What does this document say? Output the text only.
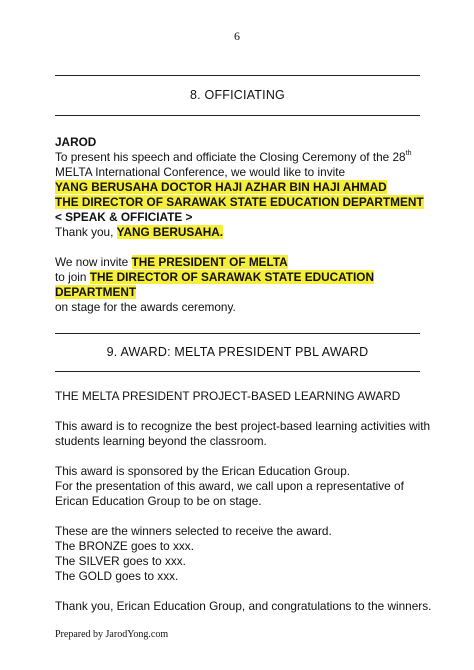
6
8. OFFICIATING
JAROD
To present his speech and officiate the Closing Ceremony of the 28th
MELTA International Conference, we would like to invite
YANG BERUSAHA DOCTOR HAJI AZHAR BIN HAJI AHMAD
THE DIRECTOR OF SARAWAK STATE EDUCATION DEPARTMENT
< SPEAK & OFFICIATE >
Thank you, YANG BERUSAHA.

We now invite THE PRESIDENT OF MELTA
to join THE DIRECTOR OF SARAWAK STATE EDUCATION
DEPARTMENT
on stage for the awards ceremony.
9. AWARD: MELTA PRESIDENT PBL AWARD
THE MELTA PRESIDENT PROJECT-BASED LEARNING AWARD

This award is to recognize the best project-based learning activities with
students learning beyond the classroom.

This award is sponsored by the Erican Education Group.
For the presentation of this award, we call upon a representative of
Erican Education Group to be on stage.

These are the winners selected to receive the award.
The BRONZE goes to xxx.
The SILVER goes to xxx.
The GOLD goes to xxx.

Thank you, Erican Education Group, and congratulations to the winners.
Prepared by JarodYong.com
